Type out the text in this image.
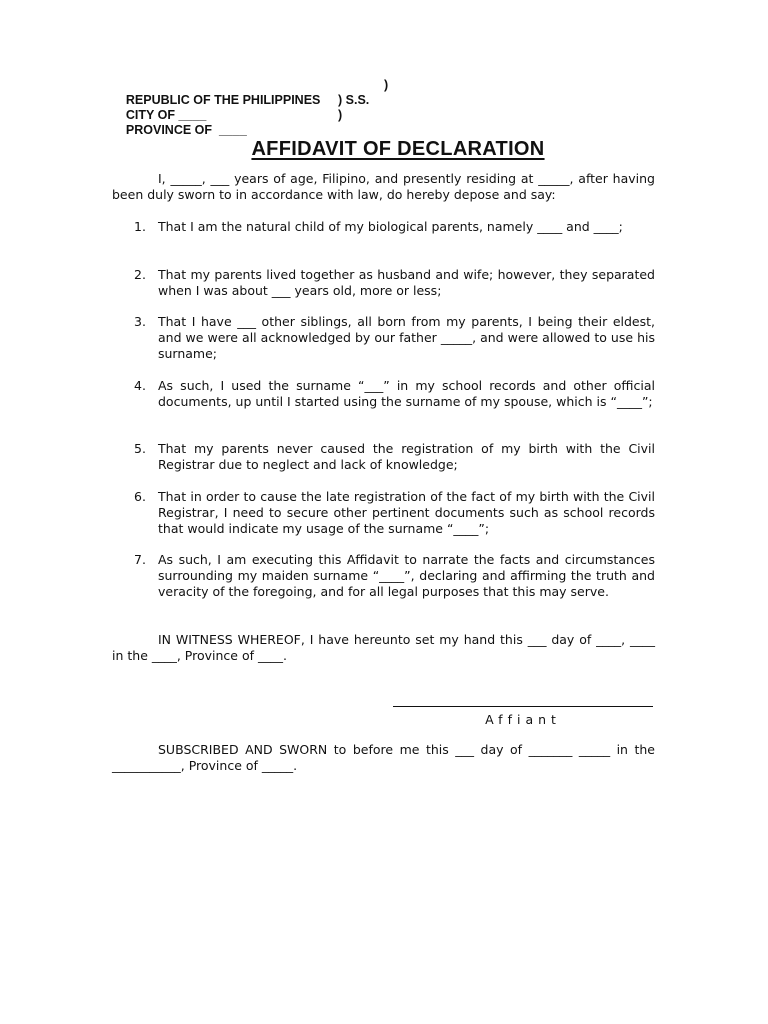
REPUBLIC OF THE PHILIPPINES

)

CITY OF ____

) S.S.

PROVINCE OF  ____

)

AFFIDAVIT OF DECLARATION
I, _____, ___ years of age, Filipino, and presently residing at _____, after having been duly sworn to in accordance with law, do hereby depose and say:
1. That I am the natural child of my biological parents, namely ____ and ____;
2. That my parents lived together as husband and wife; however, they separated when I was about ___ years old, more or less;
3. That I have ___ other siblings, all born from my parents, I being their eldest, and we were all acknowledged by our father _____, and were allowed to use his surname;
4. As such, I used the surname “___” in my school records and other official documents, up until I started using the surname of my spouse, which is “____”;
5. That my parents never caused the registration of my birth with the Civil Registrar due to neglect and lack of knowledge;
6. That in order to cause the late registration of the fact of my birth with the Civil Registrar, I need to secure other pertinent documents such as school records that would indicate my usage of the surname “____”;
7. As such, I am executing this Affidavit to narrate the facts and circumstances surrounding my maiden surname “____”, declaring and affirming the truth and veracity of the foregoing, and for all legal purposes that this may serve.
IN WITNESS WHEREOF, I have hereunto set my hand this ___ day of ____, ____ in the ____, Province of ____.
Affiant
SUBSCRIBED AND SWORN to before me this ___ day of _______ _____ in the ___________, Province of _____.
